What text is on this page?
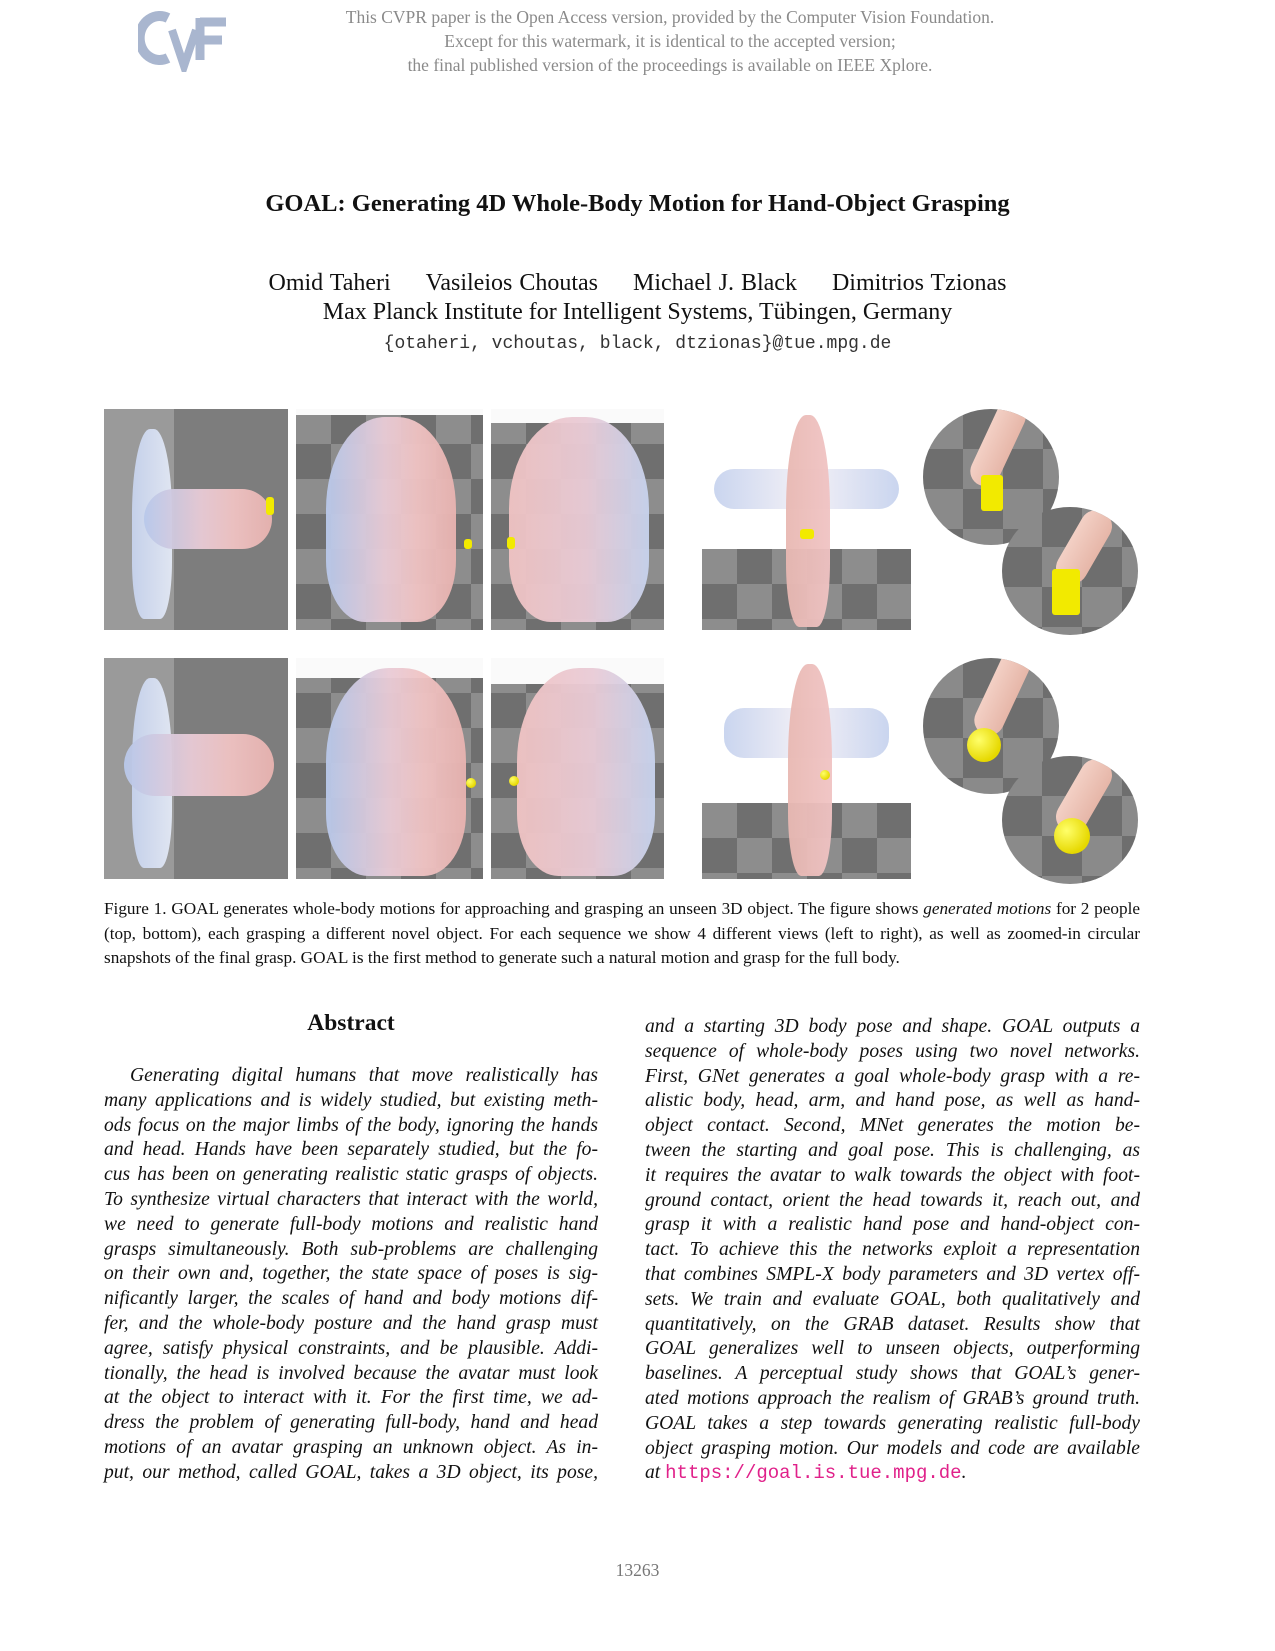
This CVPR paper is the Open Access version, provided by the Computer Vision Foundation.
Except for this watermark, it is identical to the accepted version;
the final published version of the proceedings is available on IEEE Xplore.
GOAL: Generating 4D Whole-Body Motion for Hand-Object Grasping
Omid Taheri Vasileios Choutas Michael J. Black Dimitrios Tzionas
Max Planck Institute for Intelligent Systems, Tübingen, Germany
{otaheri, vchoutas, black, dtzionas}@tue.mpg.de
Figure 1. GOAL generates whole-body motions for approaching and grasping an unseen 3D object. The figure shows generated motions for 2 people (top, bottom), each grasping a different novel object. For each sequence we show 4 different views (left to right), as well as zoomed-in circular snapshots of the final grasp. GOAL is the first method to generate such a natural motion and grasp for the full body.
Abstract
Generating digital humans that move realistically has
many applications and is widely studied, but existing meth-
ods focus on the major limbs of the body, ignoring the hands
and head. Hands have been separately studied, but the fo-
cus has been on generating realistic static grasps of objects.
To synthesize virtual characters that interact with the world,
we need to generate full-body motions and realistic hand
grasps simultaneously. Both sub-problems are challenging
on their own and, together, the state space of poses is sig-
nificantly larger, the scales of hand and body motions dif-
fer, and the whole-body posture and the hand grasp must
agree, satisfy physical constraints, and be plausible. Addi-
tionally, the head is involved because the avatar must look
at the object to interact with it. For the first time, we ad-
dress the problem of generating full-body, hand and head
motions of an avatar grasping an unknown object. As in-
put, our method, called GOAL, takes a 3D object, its pose,
and a starting 3D body pose and shape. GOAL outputs a
sequence of whole-body poses using two novel networks.
First, GNet generates a goal whole-body grasp with a re-
alistic body, head, arm, and hand pose, as well as hand-
object contact. Second, MNet generates the motion be-
tween the starting and goal pose. This is challenging, as
it requires the avatar to walk towards the object with foot-
ground contact, orient the head towards it, reach out, and
grasp it with a realistic hand pose and hand-object con-
tact. To achieve this the networks exploit a representation
that combines SMPL-X body parameters and 3D vertex off-
sets. We train and evaluate GOAL, both qualitatively and
quantitatively, on the GRAB dataset. Results show that
GOAL generalizes well to unseen objects, outperforming
baselines. A perceptual study shows that GOAL’s gener-
ated motions approach the realism of GRAB’s ground truth.
GOAL takes a step towards generating realistic full-body
object grasping motion. Our models and code are available
at https://goal.is.tue.mpg.de.
13263
